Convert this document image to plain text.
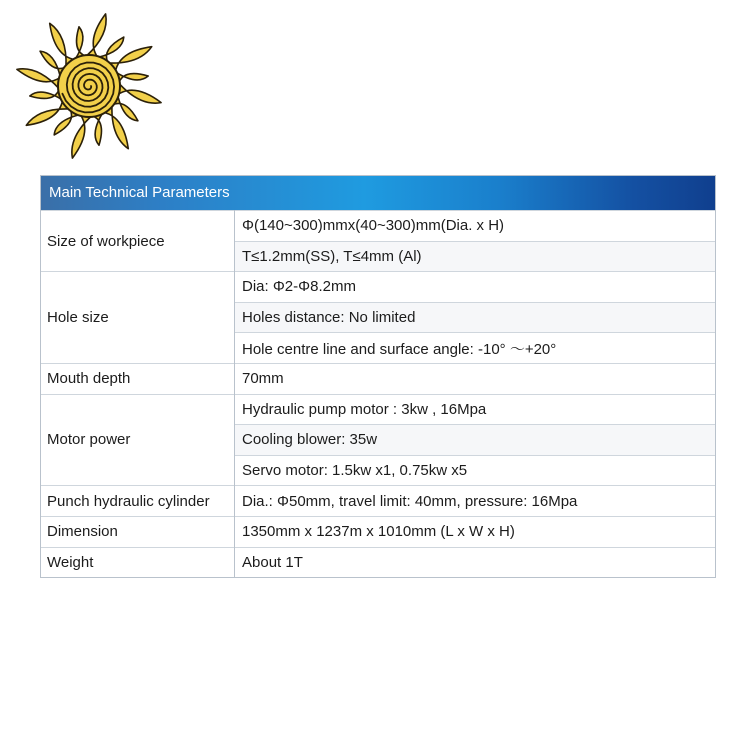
Main Technical Parameters
Size of workpiece	Φ(140~300)mmx(40~300)mm(Dia. x H)
	T≤1.2mm(SS), T≤4mm (Al)
Hole size	Dia: Φ2-Φ8.2mm
	Holes distance: No limited
	Hole centre line and surface angle: -10° ～+20°
Mouth depth	70mm
Motor power	Hydraulic pump motor : 3kw , 16Mpa
	Cooling blower: 35w
	Servo motor: 1.5kw x1, 0.75kw x5
Punch hydraulic cylinder	Dia.: Φ50mm, travel limit: 40mm, pressure: 16Mpa
Dimension	1350mm x 1237m x 1010mm (L x W x H)
Weight	About 1T
